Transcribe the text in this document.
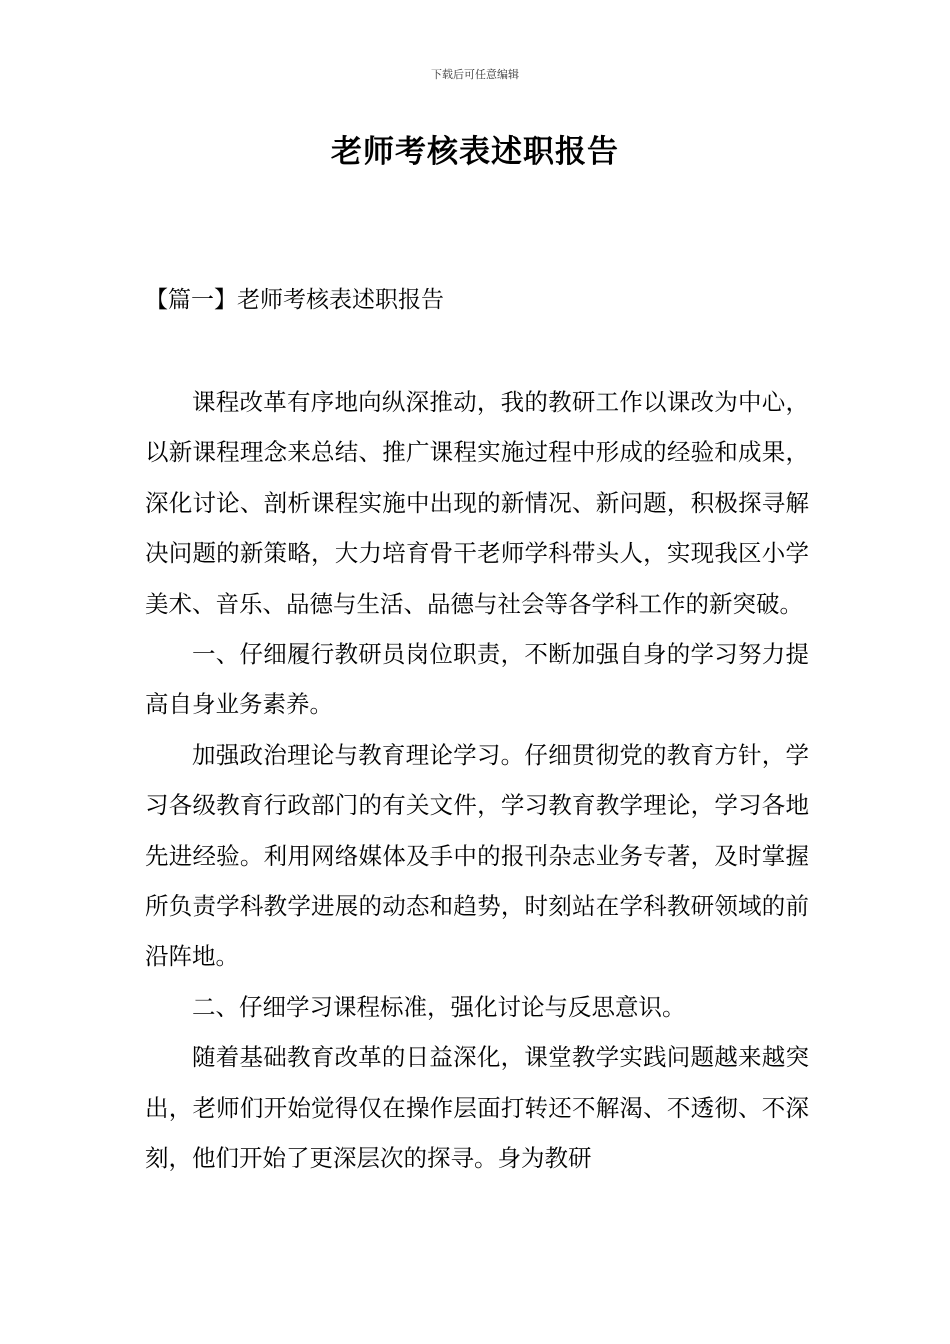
下载后可任意编辑
老师考核表述职报告
【篇一】老师考核表述职报告

课程改革有序地向纵深推动，我的教研工作以课改为中心，以新课程理念来总结、推广课程实施过程中形成的经验和成果，深化讨论、剖析课程实施中出现的新情况、新问题，积极探寻解决问题的新策略，大力培育骨干老师学科带头人，实现我区小学美术、音乐、品德与生活、品德与社会等各学科工作的新突破。

一、仔细履行教研员岗位职责，不断加强自身的学习努力提高自身业务素养。

加强政治理论与教育理论学习。仔细贯彻党的教育方针，学习各级教育行政部门的有关文件，学习教育教学理论，学习各地先进经验。利用网络媒体及手中的报刊杂志业务专著，及时掌握所负责学科教学进展的动态和趋势，时刻站在学科教研领域的前沿阵地。

二、仔细学习课程标准，强化讨论与反思意识。

随着基础教育改革的日益深化，课堂教学实践问题越来越突出，老师们开始觉得仅在操作层面打转还不解渴、不透彻、不深刻，他们开始了更深层次的探寻。身为教研
